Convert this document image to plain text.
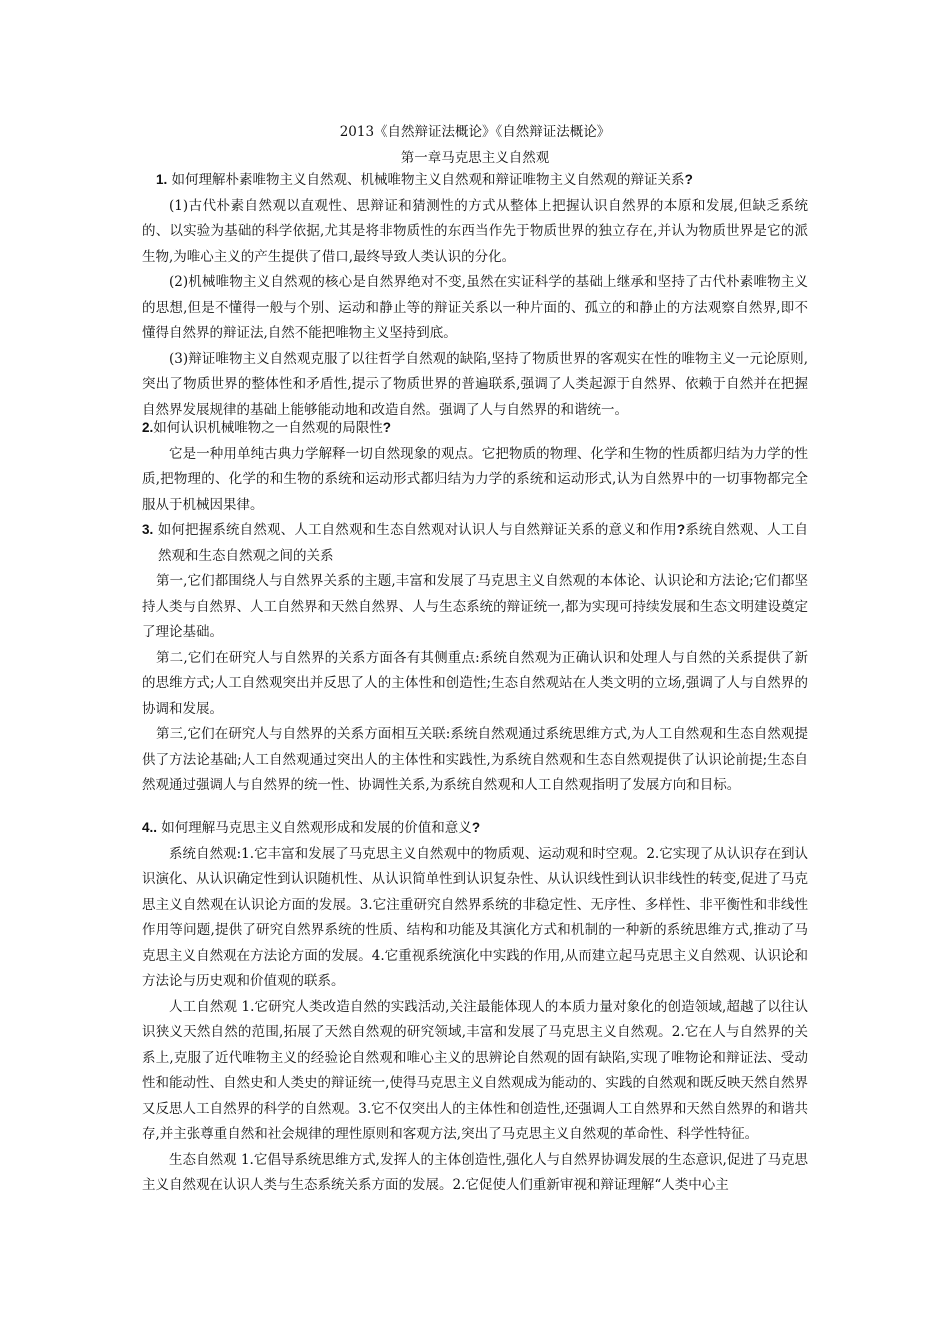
2013《自然辩证法概论》《自然辩证法概论》
第一章马克思主义自然观

1. 如何理解朴素唯物主义自然观、机械唯物主义自然观和辩证唯物主义自然观的辩证关系?

(1)古代朴素自然观以直观性、思辩证和猜测性的方式从整体上把握认识自然界的本原和发展,但缺乏系统的、以实验为基础的科学依据,尤其是将非物质性的东西当作先于物质世界的独立存在,并认为物质世界是它的派生物,为唯心主义的产生提供了借口,最终导致人类认识的分化。

(2)机械唯物主义自然观的核心是自然界绝对不变,虽然在实证科学的基础上继承和坚持了古代朴素唯物主义的思想,但是不懂得一般与个别、运动和静止等的辩证关系以一种片面的、孤立的和静止的方法观察自然界,即不懂得自然界的辩证法,自然不能把唯物主义坚持到底。

(3)辩证唯物主义自然观克服了以往哲学自然观的缺陷,坚持了物质世界的客观实在性的唯物主义一元论原则,突出了物质世界的整体性和矛盾性,提示了物质世界的普遍联系,强调了人类起源于自然界、依赖于自然并在把握自然界发展规律的基础上能够能动地和改造自然。强调了人与自然界的和谐统一。

2.如何认识机械唯物之一自然观的局限性?

它是一种用单纯古典力学解释一切自然现象的观点。它把物质的物理、化学和生物的性质都归结为力学的性质,把物理的、化学的和生物的系统和运动形式都归结为力学的系统和运动形式,认为自然界中的一切事物都完全服从于机械因果律。

3. 如何把握系统自然观、人工自然观和生态自然观对认识人与自然辩证关系的意义和作用?系统自然观、人工自然观和生态自然观之间的关系

第一,它们都围绕人与自然界关系的主题,丰富和发展了马克思主义自然观的本体论、认识论和方法论;它们都坚持人类与自然界、人工自然界和天然自然界、人与生态系统的辩证统一,都为实现可持续发展和生态文明建设奠定了理论基础。

第二,它们在研究人与自然界的关系方面各有其侧重点:系统自然观为正确认识和处理人与自然的关系提供了新的思维方式;人工自然观突出并反思了人的主体性和创造性;生态自然观站在人类文明的立场,强调了人与自然界的协调和发展。

第三,它们在研究人与自然界的关系方面相互关联:系统自然观通过系统思维方式,为人工自然观和生态自然观提供了方法论基础;人工自然观通过突出人的主体性和实践性,为系统自然观和生态自然观提供了认识论前提;生态自然观通过强调人与自然界的统一性、协调性关系,为系统自然观和人工自然观指明了发展方向和目标。

4.. 如何理解马克思主义自然观形成和发展的价值和意义?

系统自然观:1.它丰富和发展了马克思主义自然观中的物质观、运动观和时空观。2.它实现了从认识存在到认识演化、从认识确定性到认识随机性、从认识简单性到认识复杂性、从认识线性到认识非线性的转变,促进了马克思主义自然观在认识论方面的发展。3.它注重研究自然界系统的非稳定性、无序性、多样性、非平衡性和非线性作用等问题,提供了研究自然界系统的性质、结构和功能及其演化方式和机制的一种新的系统思维方式,推动了马克思主义自然观在方法论方面的发展。4.它重视系统演化中实践的作用,从而建立起马克思主义自然观、认识论和方法论与历史观和价值观的联系。

人工自然观 1.它研究人类改造自然的实践活动,关注最能体现人的本质力量对象化的创造领域,超越了以往认识狭义天然自然的范围,拓展了天然自然观的研究领域,丰富和发展了马克思主义自然观。2.它在人与自然界的关系上,克服了近代唯物主义的经验论自然观和唯心主义的思辨论自然观的固有缺陷,实现了唯物论和辩证法、受动性和能动性、自然史和人类史的辩证统一,使得马克思主义自然观成为能动的、实践的自然观和既反映天然自然界又反思人工自然界的科学的自然观。3.它不仅突出人的主体性和创造性,还强调人工自然界和天然自然界的和谐共存,并主张尊重自然和社会规律的理性原则和客观方法,突出了马克思主义自然观的革命性、科学性特征。

生态自然观 1.它倡导系统思维方式,发挥人的主体创造性,强化人与自然界协调发展的生态意识,促进了马克思主义自然观在认识人类与生态系统关系方面的发展。2.它促使人们重新审视和辩证理解“人类中心主
